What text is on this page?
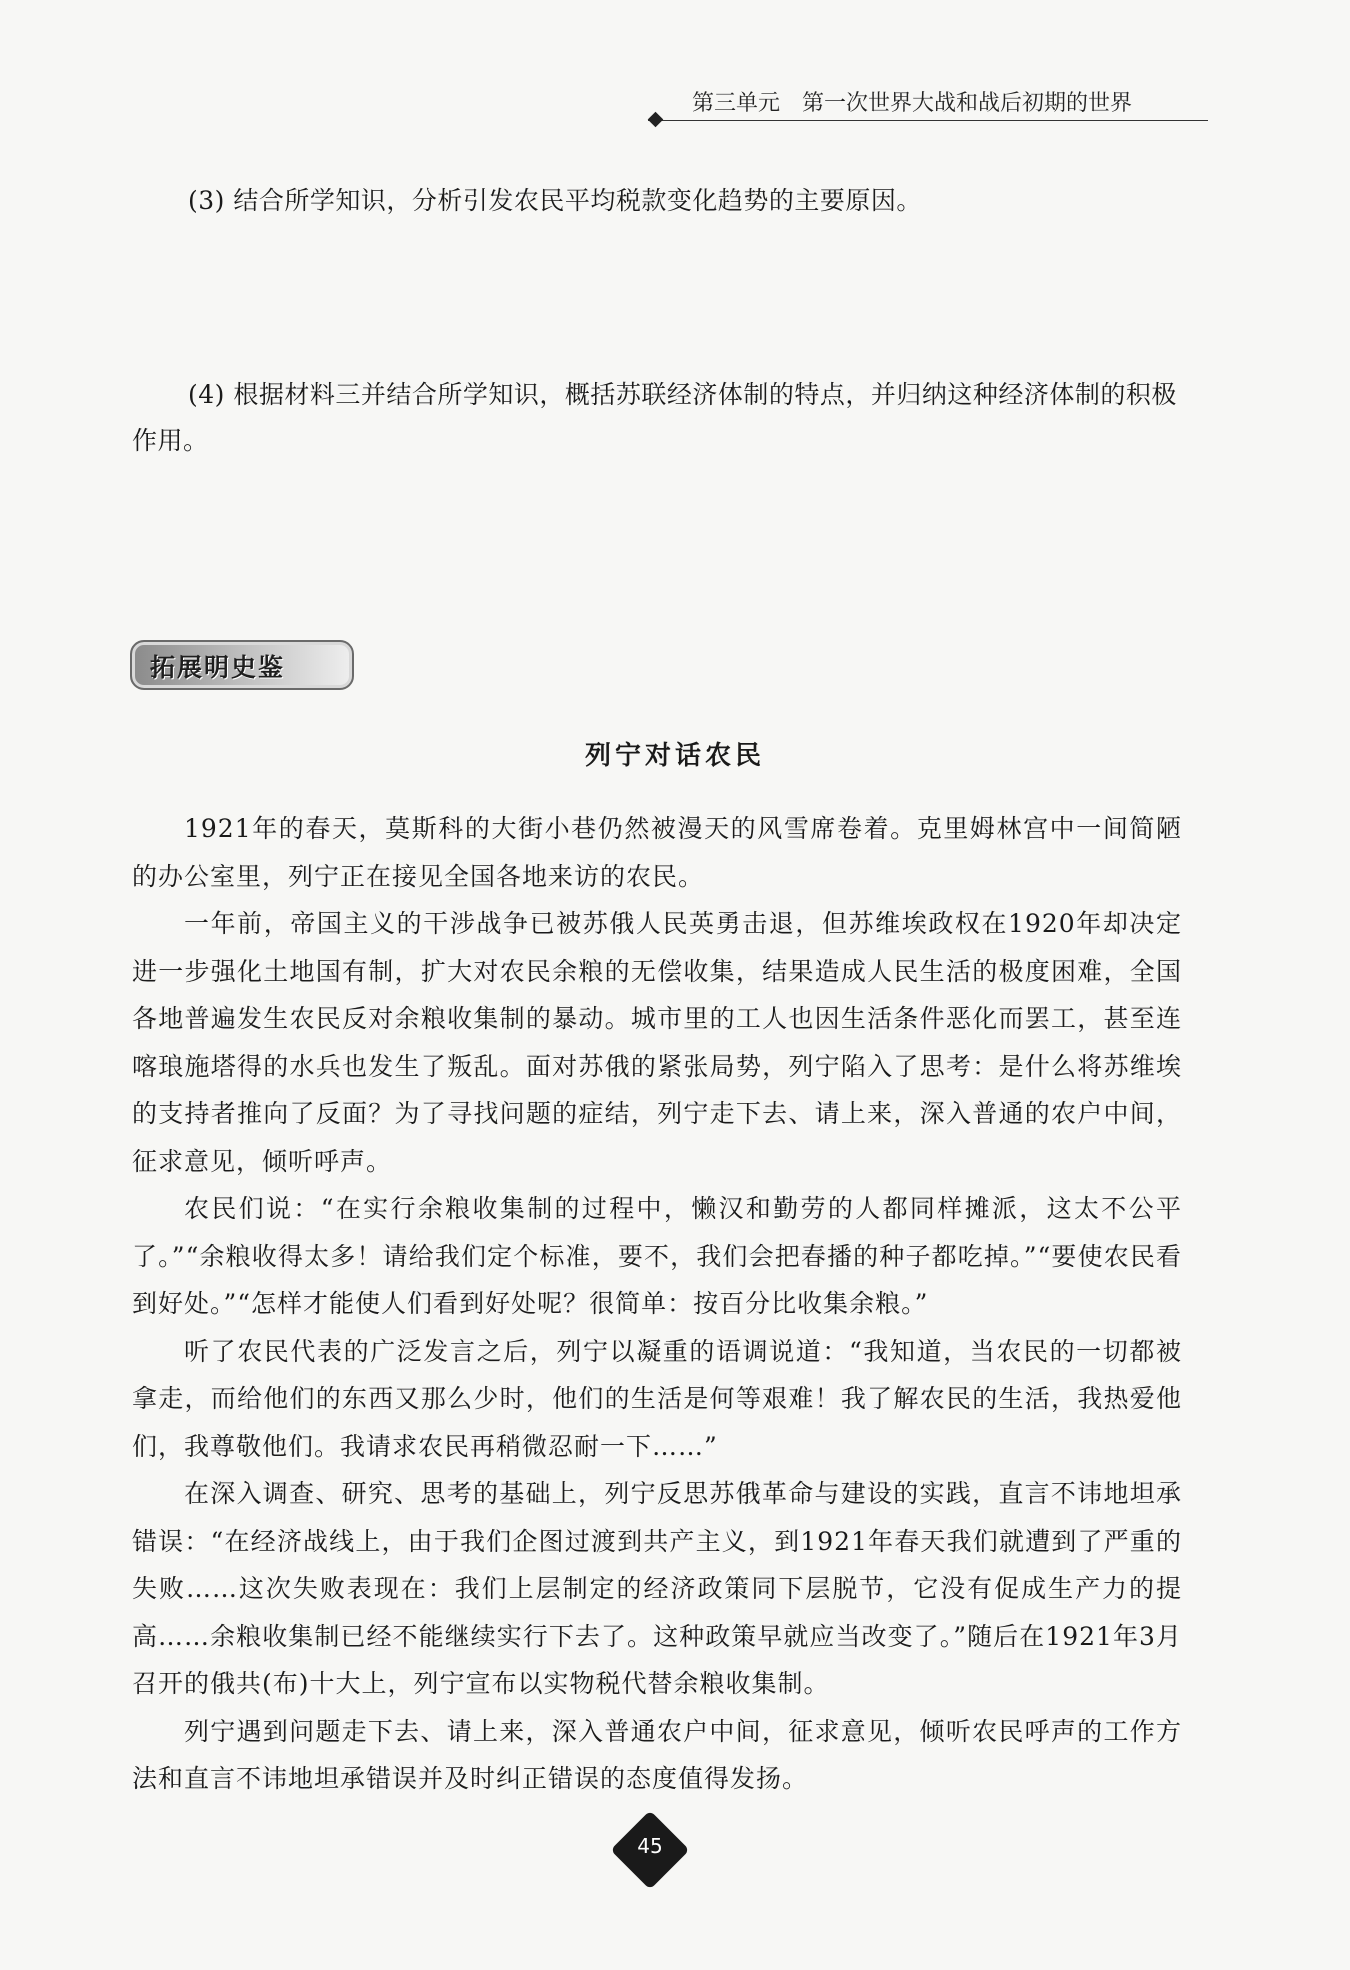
第三单元　第一次世界大战和战后初期的世界
(3) 结合所学知识，分析引发农民平均税款变化趋势的主要原因。
(4) 根据材料三并结合所学知识，概括苏联经济体制的特点，并归纳这种经济体制的积极作用。
拓展明史鉴
列宁对话农民

1921年的春天，莫斯科的大街小巷仍然被漫天的风雪席卷着。克里姆林宫中一间简陋的办公室里，列宁正在接见全国各地来访的农民。

一年前，帝国主义的干涉战争已被苏俄人民英勇击退，但苏维埃政权在1920年却决定进一步强化土地国有制，扩大对农民余粮的无偿收集，结果造成人民生活的极度困难，全国各地普遍发生农民反对余粮收集制的暴动。城市里的工人也因生活条件恶化而罢工，甚至连喀琅施塔得的水兵也发生了叛乱。面对苏俄的紧张局势，列宁陷入了思考：是什么将苏维埃的支持者推向了反面？为了寻找问题的症结，列宁走下去、请上来，深入普通的农户中间，征求意见，倾听呼声。

农民们说：“在实行余粮收集制的过程中，懒汉和勤劳的人都同样摊派，这太不公平了。”“余粮收得太多！请给我们定个标准，要不，我们会把春播的种子都吃掉。”“要使农民看到好处。”“怎样才能使人们看到好处呢？很简单：按百分比收集余粮。”

听了农民代表的广泛发言之后，列宁以凝重的语调说道：“我知道，当农民的一切都被拿走，而给他们的东西又那么少时，他们的生活是何等艰难！我了解农民的生活，我热爱他们，我尊敬他们。我请求农民再稍微忍耐一下……”

在深入调查、研究、思考的基础上，列宁反思苏俄革命与建设的实践，直言不讳地坦承错误：“在经济战线上，由于我们企图过渡到共产主义，到1921年春天我们就遭到了严重的失败……这次失败表现在：我们上层制定的经济政策同下层脱节，它没有促成生产力的提高……余粮收集制已经不能继续实行下去了。这种政策早就应当改变了。”随后在1921年3月召开的俄共(布)十大上，列宁宣布以实物税代替余粮收集制。

列宁遇到问题走下去、请上来，深入普通农户中间，征求意见，倾听农民呼声的工作方法和直言不讳地坦承错误并及时纠正错误的态度值得发扬。

45
